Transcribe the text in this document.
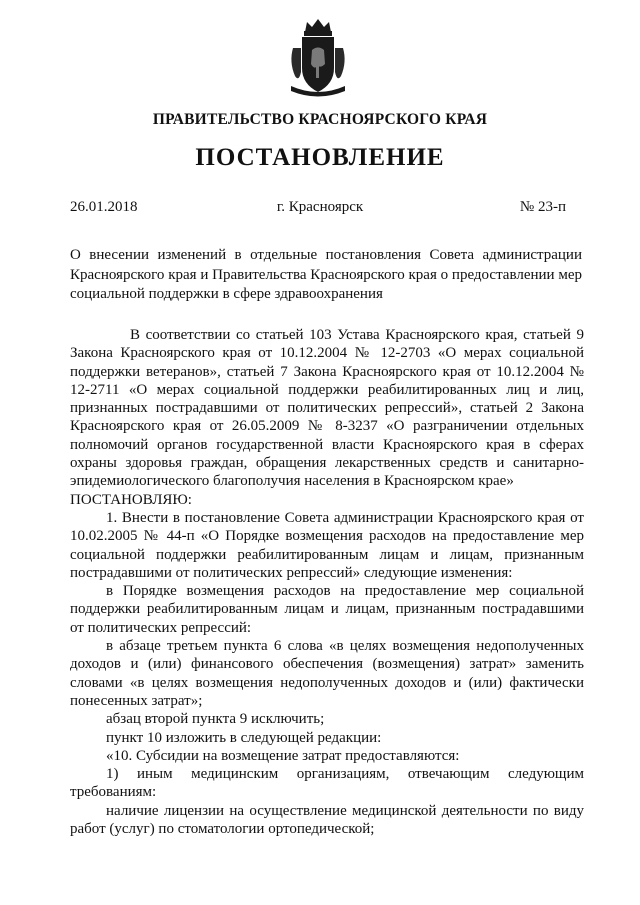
ПРАВИТЕЛЬСТВО КРАСНОЯРСКОГО КРАЯ
ПОСТАНОВЛЕНИЕ
26.01.2018	г. Красноярск	№ 23-п
О внесении изменений в отдельные постановления Совета администрации Красноярского края и Правительства Красноярского края о предоставлении мер социальной поддержки в сфере здравоохранения

В соответствии со статьей 103 Устава Красноярского края, статьей 9 Закона Красноярского края от 10.12.2004 № 12-2703 «О мерах социальной поддержки ветеранов», статьей 7 Закона Красноярского края от 10.12.2004 № 12-2711 «О мерах социальной поддержки реабилитированных лиц и лиц, признанных пострадавшими от политических репрессий», статьей 2 Закона Красноярского края от 26.05.2009 № 8-3237 «О разграничении отдельных полномочий органов государственной власти Красноярского края в сферах охраны здоровья граждан, обращения лекарственных средств и санитарно-эпидемиологического благополучия населения в Красноярском крае»

ПОСТАНОВЛЯЮ:

1. Внести в постановление Совета администрации Красноярского края от 10.02.2005 № 44-п «О Порядке возмещения расходов на предоставление мер социальной поддержки реабилитированным лицам и лицам, признанным пострадавшими от политических репрессий» следующие изменения:

в Порядке возмещения расходов на предоставление мер социальной поддержки реабилитированным лицам и лицам, признанным пострадавшими от политических репрессий:

в абзаце третьем пункта 6 слова «в целях возмещения недополученных доходов и (или) финансового обеспечения (возмещения) затрат» заменить словами «в целях возмещения недополученных доходов и (или) фактически понесенных затрат»;

абзац второй пункта 9 исключить;

пункт 10 изложить в следующей редакции:

«10. Субсидии на возмещение затрат предоставляются:

1) иным медицинским организациям, отвечающим следующим требованиям:

наличие лицензии на осуществление медицинской деятельности по виду работ (услуг) по стоматологии ортопедической;
